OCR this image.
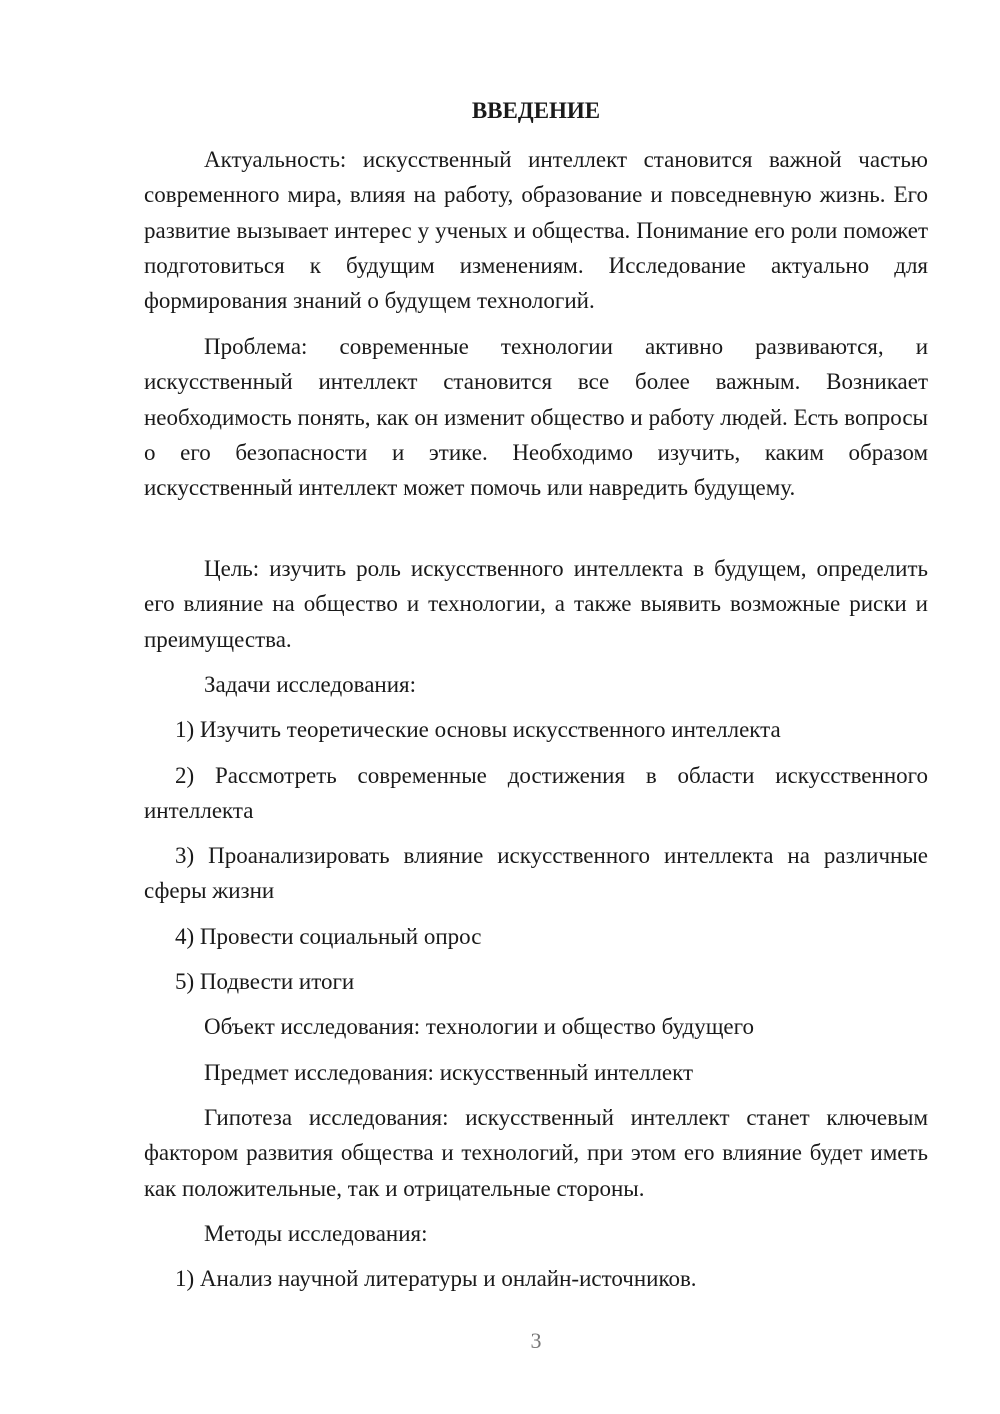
ВВЕДЕНИЕ

Актуальность: искусственный интеллект становится важной частью современного мира, влияя на работу, образование и повседневную жизнь. Его развитие вызывает интерес у ученых и общества. Понимание его роли поможет подготовиться к будущим изменениям. Исследование актуально для формирования знаний о будущем технологий.

Проблема: современные технологии активно развиваются, и искусственный интеллект становится все более важным. Возникает необходимость понять, как он изменит общество и работу людей. Есть вопросы о его безопасности и этике. Необходимо изучить, каким образом искусственный интеллект может помочь или навредить будущему.

Цель: изучить роль искусственного интеллекта в будущем, определить его влияние на общество и технологии, а также выявить возможные риски и преимущества.

Задачи исследования:

1) Изучить теоретические основы искусственного интеллекта

2) Рассмотреть современные достижения в области искусственного интеллекта

3) Проанализировать влияние искусственного интеллекта на различные сферы жизни

4) Провести социальный опрос

5) Подвести итоги

Объект исследования: технологии и общество будущего

Предмет исследования: искусственный интеллект

Гипотеза исследования: искусственный интеллект станет ключевым фактором развития общества и технологий, при этом его влияние будет иметь как положительные, так и отрицательные стороны.

Методы исследования:

1) Анализ научной литературы и онлайн-источников.

3
